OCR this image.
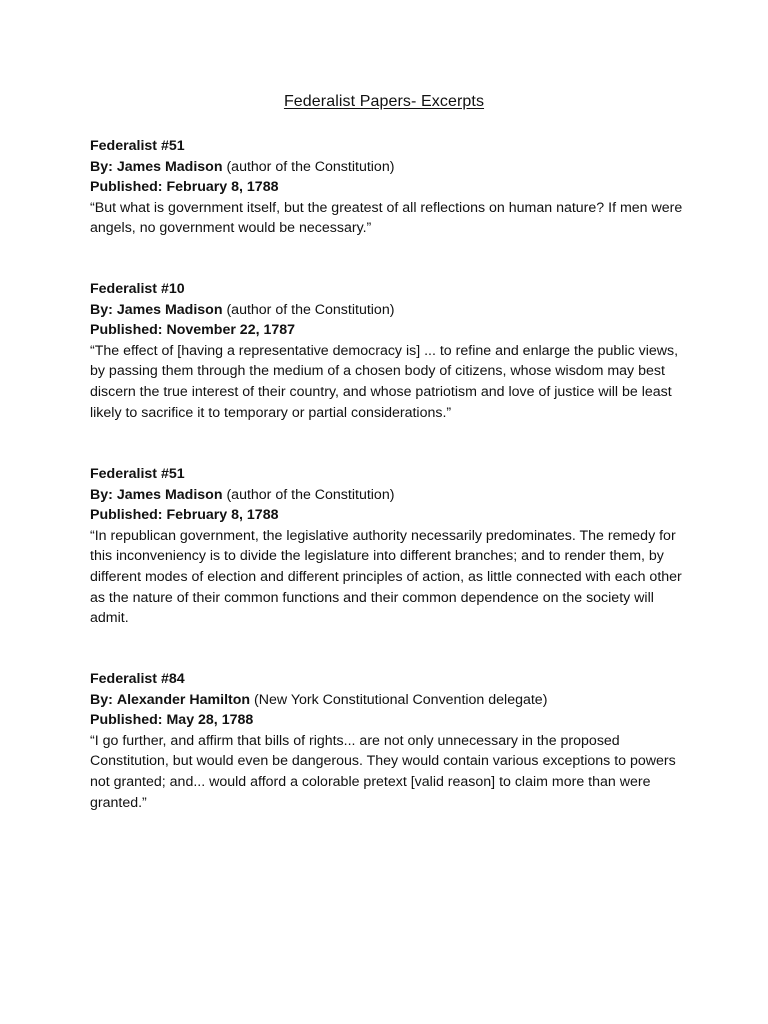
Federalist Papers- Excerpts
Federalist #51
By: James Madison (author of the Constitution)
Published: February 8, 1788
“But what is government itself, but the greatest of all reflections on human nature? If men were angels, no government would be necessary.”
Federalist #10
By: James Madison (author of the Constitution)
Published: November 22, 1787
“The effect of [having a representative democracy is] ... to refine and enlarge the public views, by passing them through the medium of a chosen body of citizens, whose wisdom may best discern the true interest of their country, and whose patriotism and love of justice will be least likely to sacrifice it to temporary or partial considerations.”
Federalist #51
By: James Madison (author of the Constitution)
Published: February 8, 1788
“In republican government, the legislative authority necessarily predominates. The remedy for this inconveniency is to divide the legislature into different branches; and to render them, by different modes of election and different principles of action, as little connected with each other as the nature of their common functions and their common dependence on the society will admit.
Federalist #84
By: Alexander Hamilton (New York Constitutional Convention delegate)
Published: May 28, 1788
“I go further, and affirm that bills of rights... are not only unnecessary in the proposed Constitution, but would even be dangerous. They would contain various exceptions to powers not granted; and... would afford a colorable pretext [valid reason] to claim more than were granted.”
